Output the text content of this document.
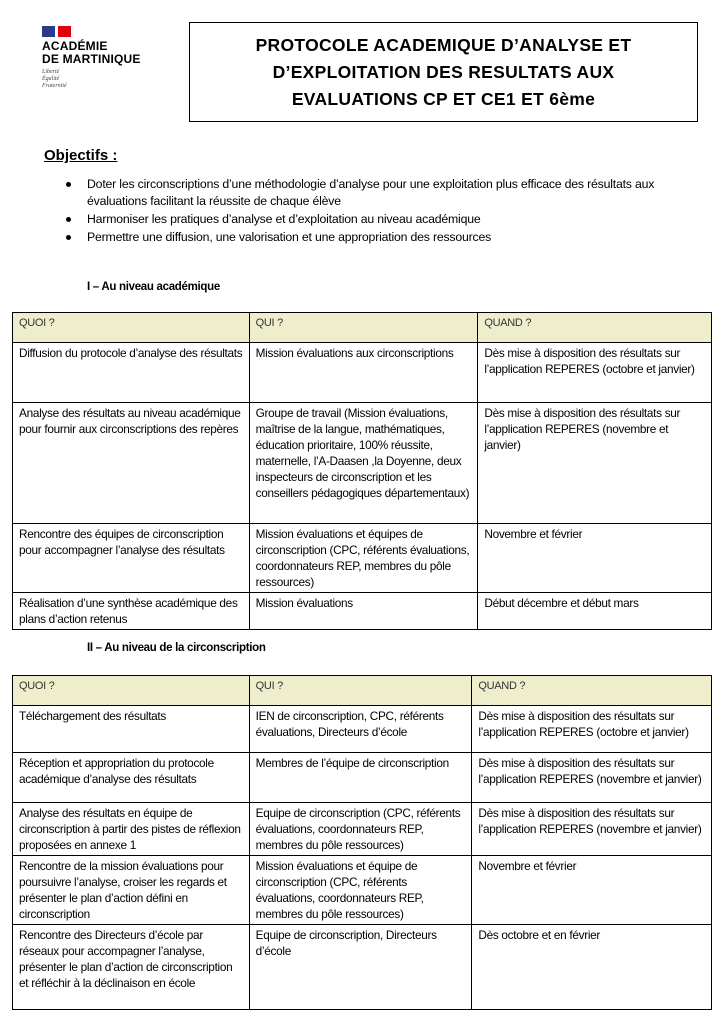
ACADÉMIE
DE MARTINIQUE
Liberté
Égalité
Fraternité
PROTOCOLE ACADEMIQUE D’ANALYSE ET
D’EXPLOITATION DES RESULTATS AUX
EVALUATIONS CP ET CE1 ET 6ème
Objectifs :
Doter les circonscriptions d’une méthodologie d’analyse pour une exploitation plus efficace des résultats aux évaluations facilitant la réussite de chaque élève
Harmoniser les pratiques d’analyse et d’exploitation au niveau académique
Permettre une diffusion, une valorisation et une appropriation des ressources
I – Au niveau académique
QUOI ?	QUI ?	QUAND ?
Diffusion du protocole d’analyse des résultats	Mission évaluations aux circonscriptions	Dès mise à disposition des résultats sur l’application REPERES (octobre et janvier)
Analyse des résultats au niveau académique pour fournir aux circonscriptions des repères	Groupe de travail (Mission évaluations, maîtrise de la langue, mathématiques, éducation prioritaire, 100% réussite, maternelle, l’A-Daasen ,la Doyenne, deux inspecteurs de circonscription et les conseillers pédagogiques départementaux)	Dès mise à disposition des résultats sur l’application REPERES (novembre et janvier)
Rencontre des équipes de circonscription pour accompagner l’analyse des résultats	Mission évaluations et équipes de circonscription (CPC, référents évaluations, coordonnateurs REP, membres du pôle ressources)	Novembre et février
Réalisation d’une synthèse académique des plans d’action retenus	Mission évaluations	Début décembre et début mars
II – Au niveau de la circonscription
QUOI ?	QUI ?	QUAND ?
Téléchargement des résultats	IEN de circonscription, CPC, référents évaluations, Directeurs d’école	Dès mise à disposition des résultats sur l’application REPERES (octobre et janvier)
Réception et appropriation du protocole académique d’analyse des résultats	Membres de l’équipe de circonscription	Dès mise à disposition des résultats sur l’application REPERES (novembre et janvier)
Analyse des résultats en équipe de circonscription à partir des pistes de réflexion proposées en annexe 1	Equipe de circonscription (CPC, référents évaluations, coordonnateurs REP, membres du pôle ressources)	Dès mise à disposition des résultats sur l’application REPERES (novembre et janvier)
Rencontre de la mission évaluations pour poursuivre l’analyse, croiser les regards et présenter le plan d’action défini en circonscription	Mission évaluations et équipe de circonscription (CPC, référents évaluations, coordonnateurs REP, membres du pôle ressources)	Novembre et février
Rencontre des Directeurs d’école par réseaux pour accompagner l’analyse, présenter le plan d’action de circonscription et réfléchir à la déclinaison en école	Equipe de circonscription, Directeurs d’école	Dès octobre et en février
